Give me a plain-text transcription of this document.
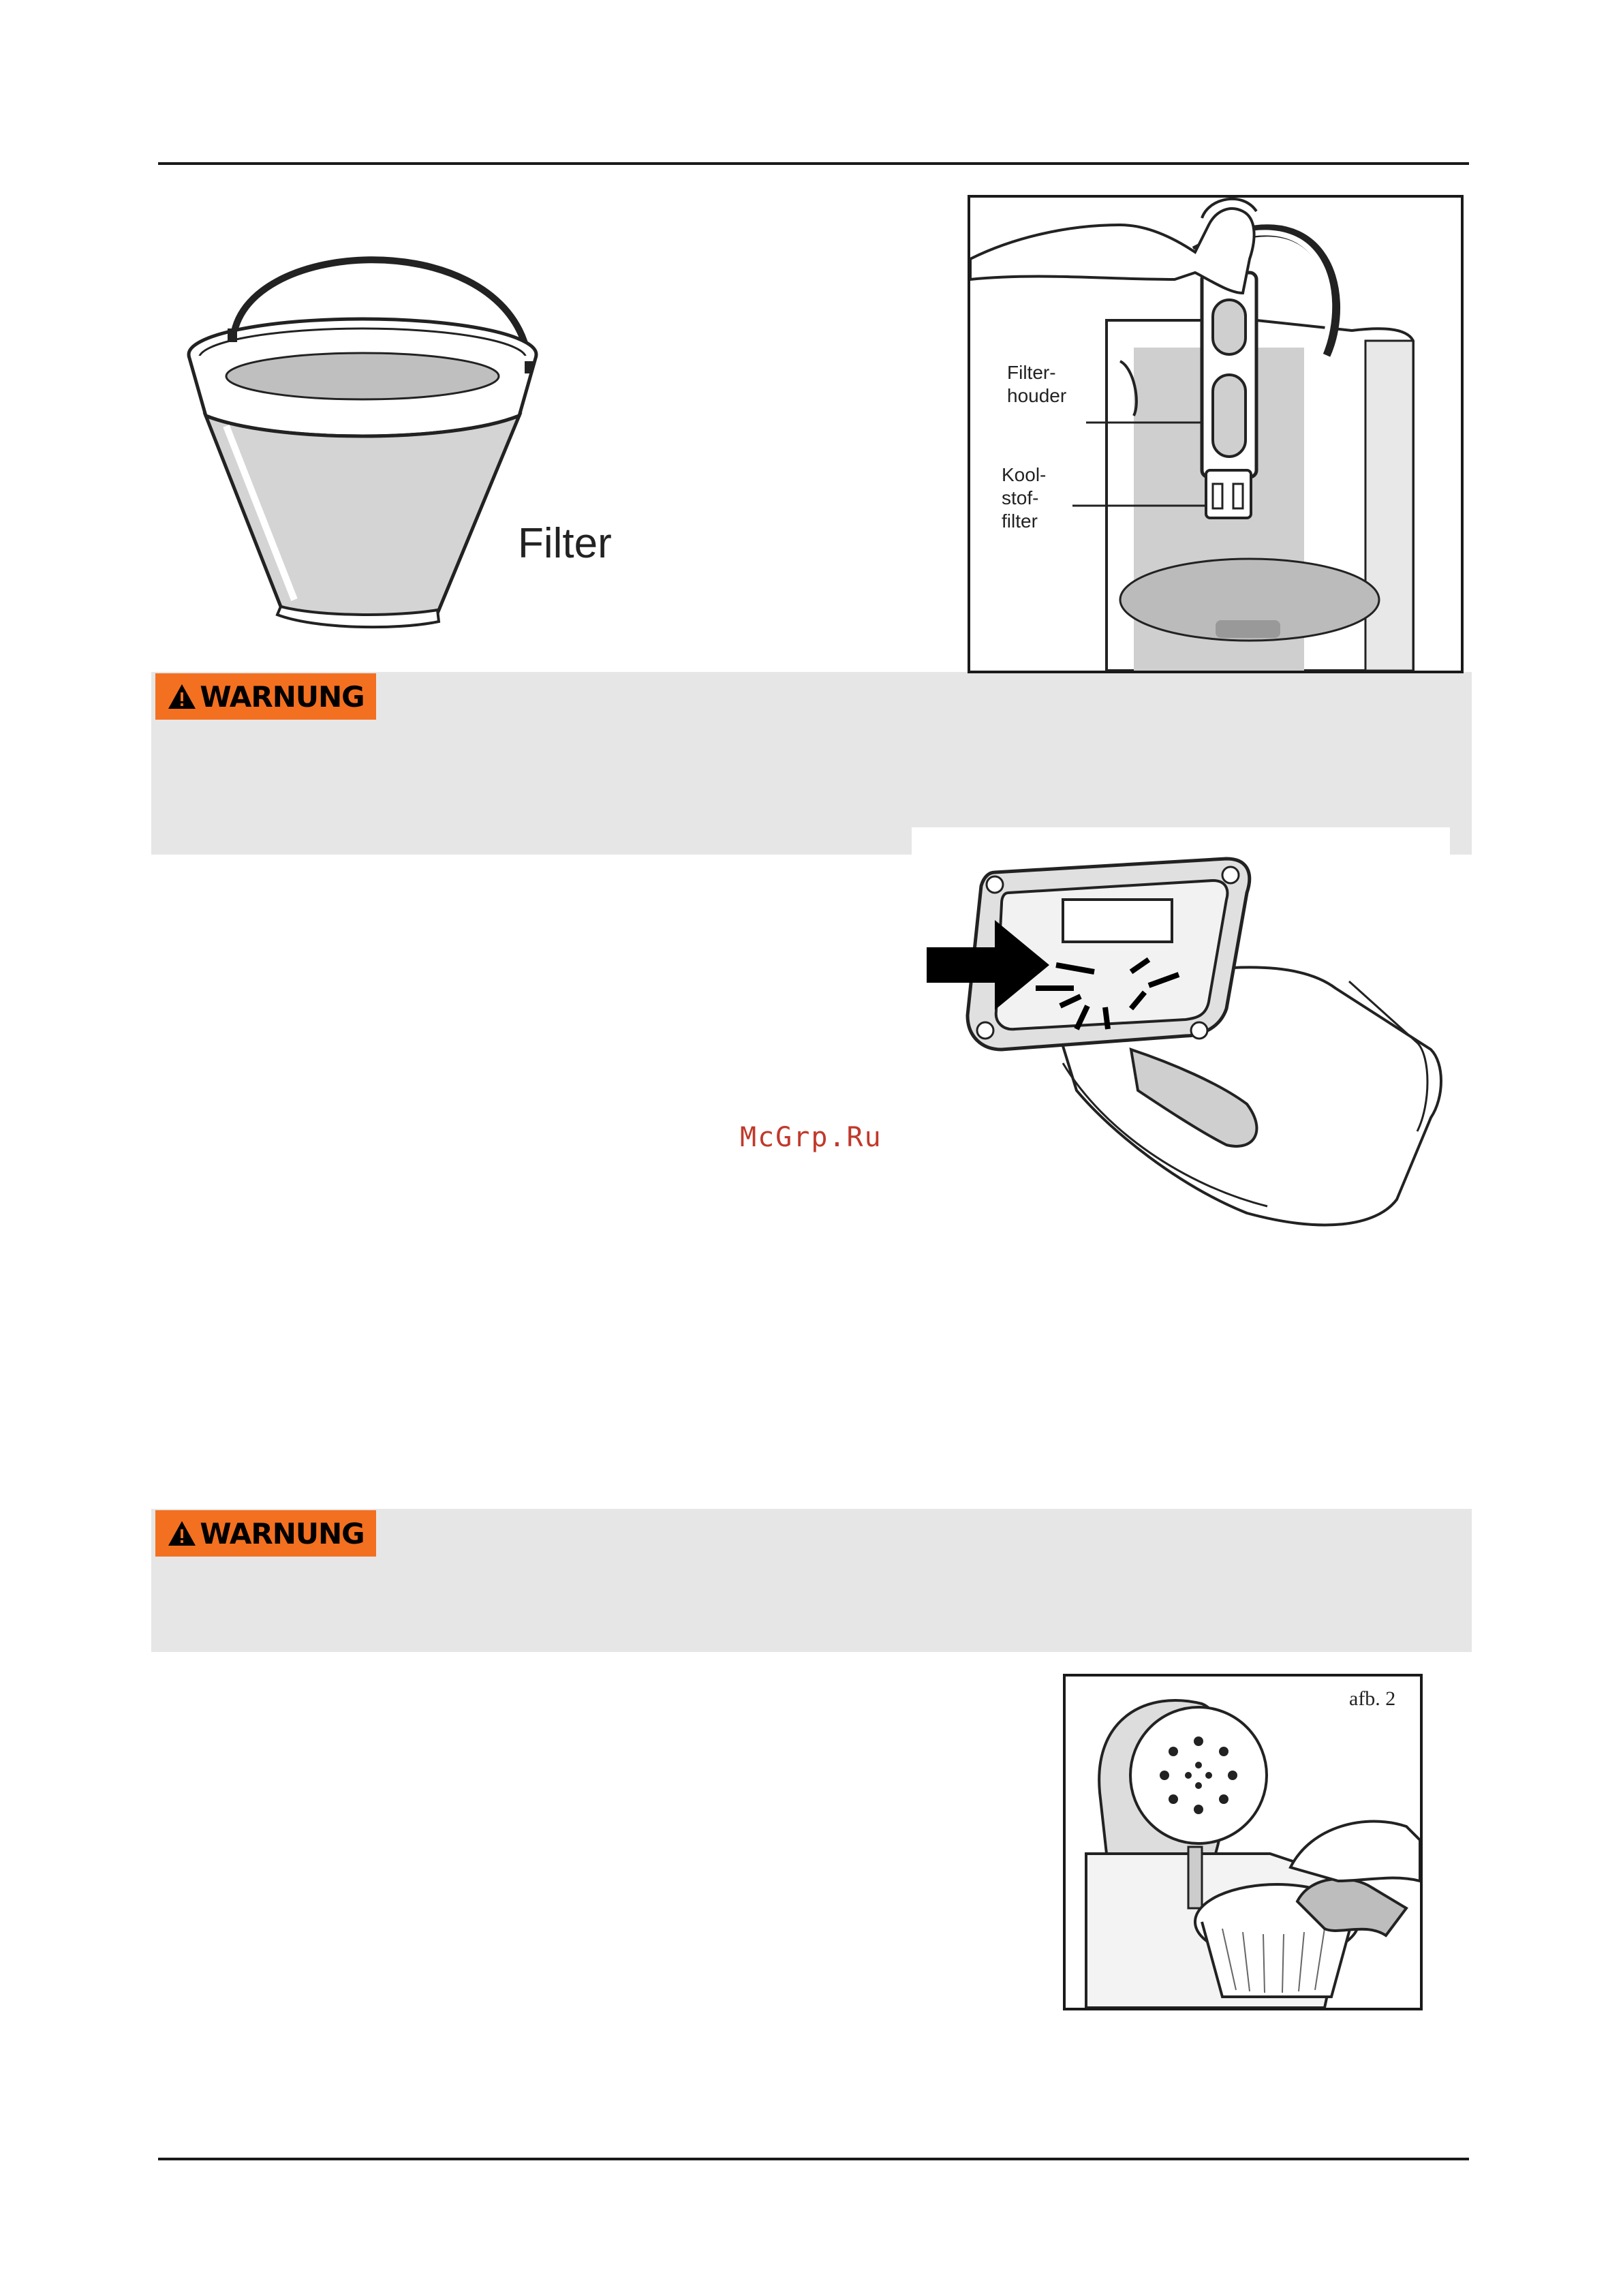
Filter
Filter-
houder
Kool-
stof-
filter
WARNUNG
McGrp.Ru
WARNUNG
afb. 2
